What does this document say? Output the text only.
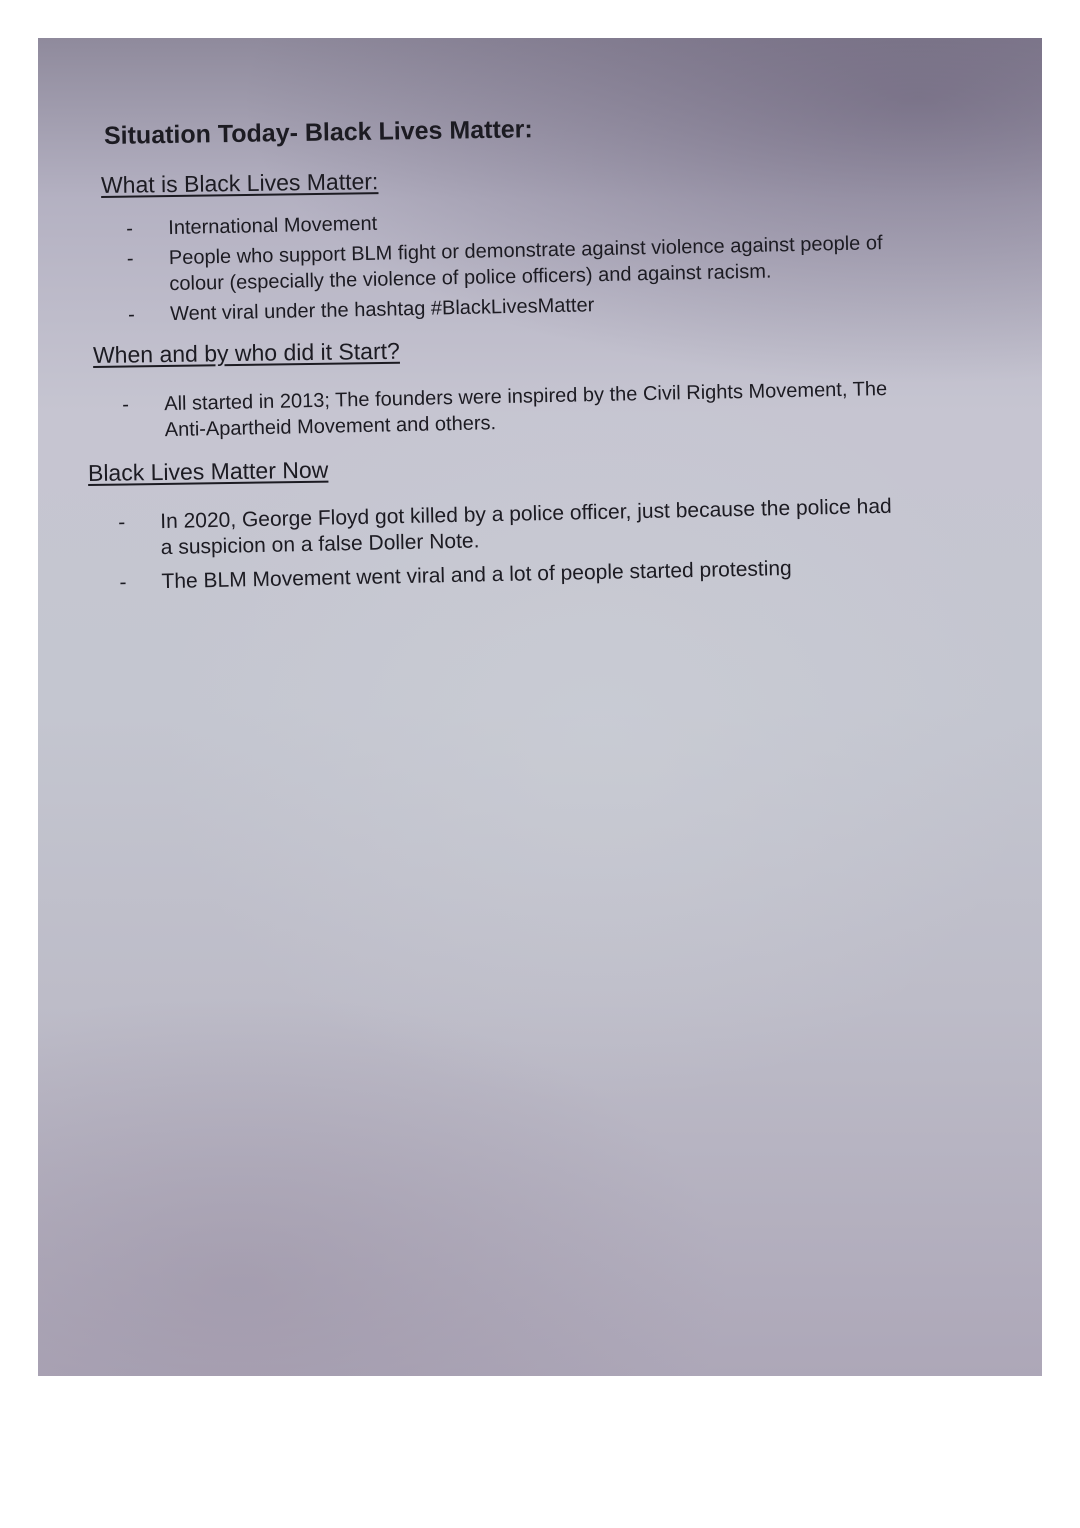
Situation Today- Black Lives Matter:
What is Black Lives Matter:
- International Movement
- People who support BLM fight or demonstrate against violence against people of colour (especially the violence of police officers) and against racism.
- Went viral under the hashtag #BlackLivesMatter
When and by who did it Start?
- All started in 2013; The founders were inspired by the Civil Rights Movement, The Anti-Apartheid Movement and others.
Black Lives Matter Now
- In 2020, George Floyd got killed by a police officer, just because the police had a suspicion on a false Doller Note.
- The BLM Movement went viral and a lot of people started protesting
